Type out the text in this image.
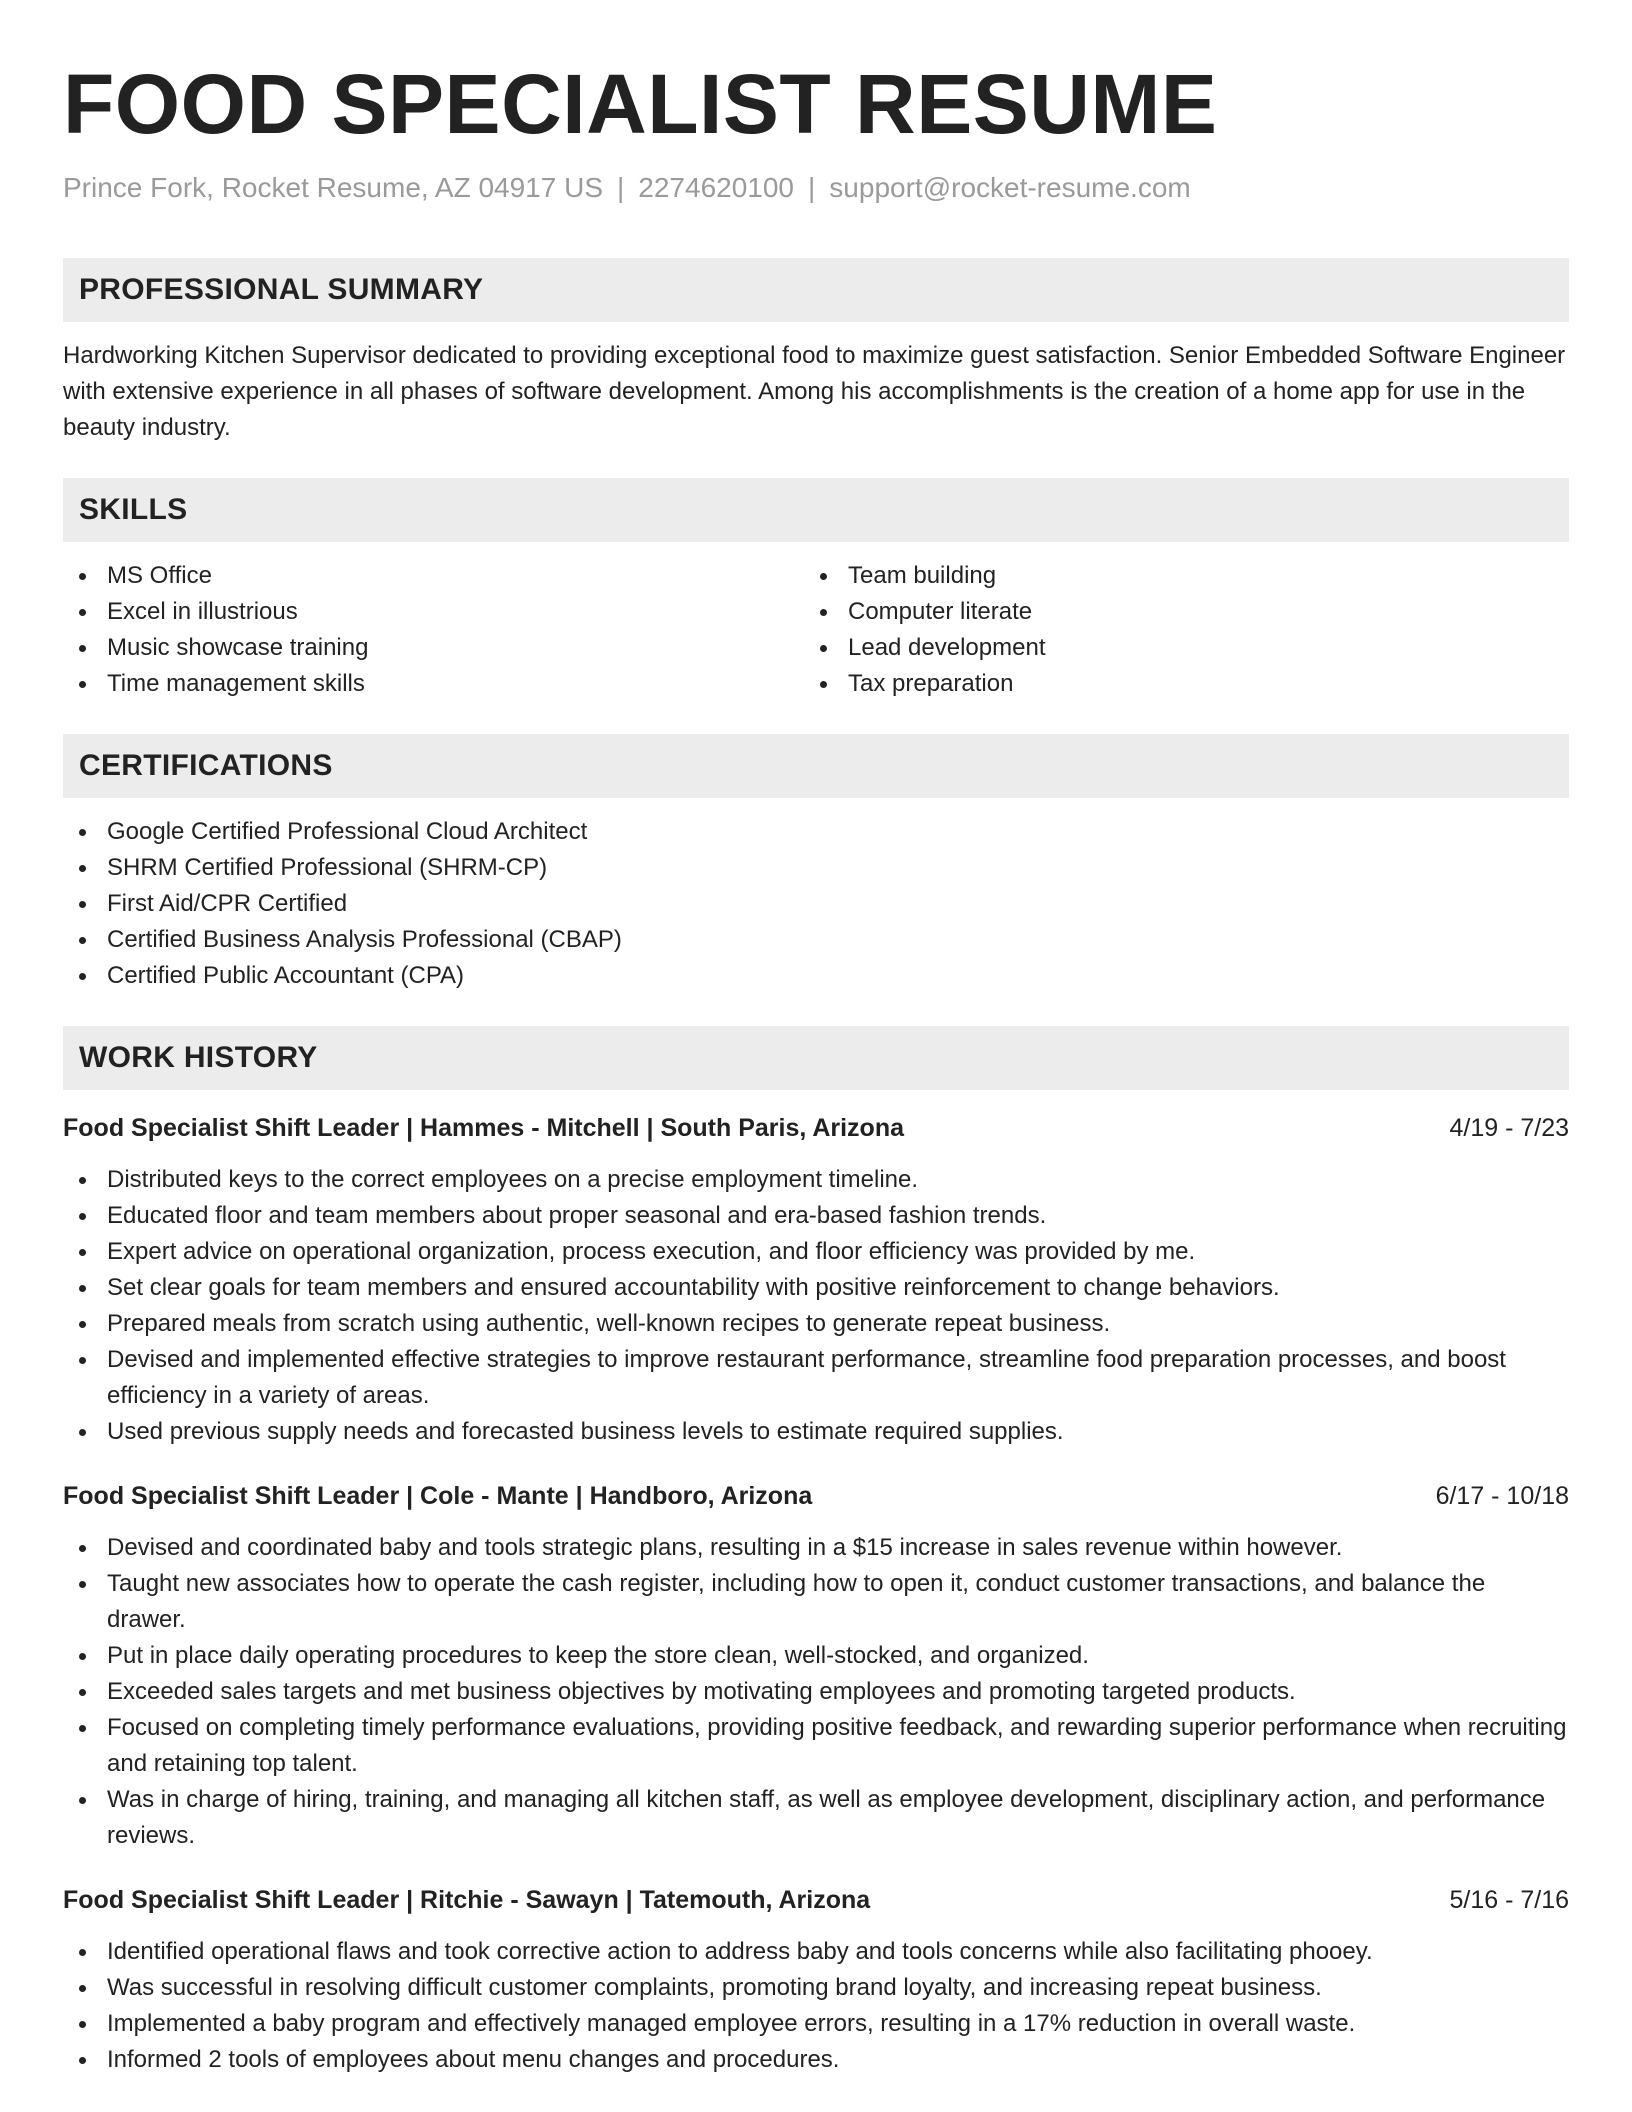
FOOD SPECIALIST RESUME
Prince Fork, Rocket Resume, AZ 04917 US | 2274620100 | support@rocket-resume.com
PROFESSIONAL SUMMARY
Hardworking Kitchen Supervisor dedicated to providing exceptional food to maximize guest satisfaction. Senior Embedded Software Engineer with extensive experience in all phases of software development. Among his accomplishments is the creation of a home app for use in the beauty industry.
SKILLS
MS Office
Excel in illustrious
Music showcase training
Time management skills
Team building
Computer literate
Lead development
Tax preparation
CERTIFICATIONS
Google Certified Professional Cloud Architect
SHRM Certified Professional (SHRM-CP)
First Aid/CPR Certified
Certified Business Analysis Professional (CBAP)
Certified Public Accountant (CPA)
WORK HISTORY
Food Specialist Shift Leader | Hammes - Mitchell | South Paris, Arizona	4/19 - 7/23
Distributed keys to the correct employees on a precise employment timeline.
Educated floor and team members about proper seasonal and era-based fashion trends.
Expert advice on operational organization, process execution, and floor efficiency was provided by me.
Set clear goals for team members and ensured accountability with positive reinforcement to change behaviors.
Prepared meals from scratch using authentic, well-known recipes to generate repeat business.
Devised and implemented effective strategies to improve restaurant performance, streamline food preparation processes, and boost efficiency in a variety of areas.
Used previous supply needs and forecasted business levels to estimate required supplies.
Food Specialist Shift Leader | Cole - Mante | Handboro, Arizona	6/17 - 10/18
Devised and coordinated baby and tools strategic plans, resulting in a $15 increase in sales revenue within however.
Taught new associates how to operate the cash register, including how to open it, conduct customer transactions, and balance the drawer.
Put in place daily operating procedures to keep the store clean, well-stocked, and organized.
Exceeded sales targets and met business objectives by motivating employees and promoting targeted products.
Focused on completing timely performance evaluations, providing positive feedback, and rewarding superior performance when recruiting and retaining top talent.
Was in charge of hiring, training, and managing all kitchen staff, as well as employee development, disciplinary action, and performance reviews.
Food Specialist Shift Leader | Ritchie - Sawayn | Tatemouth, Arizona	5/16 - 7/16
Identified operational flaws and took corrective action to address baby and tools concerns while also facilitating phooey.
Was successful in resolving difficult customer complaints, promoting brand loyalty, and increasing repeat business.
Implemented a baby program and effectively managed employee errors, resulting in a 17% reduction in overall waste.
Informed 2 tools of employees about menu changes and procedures.
